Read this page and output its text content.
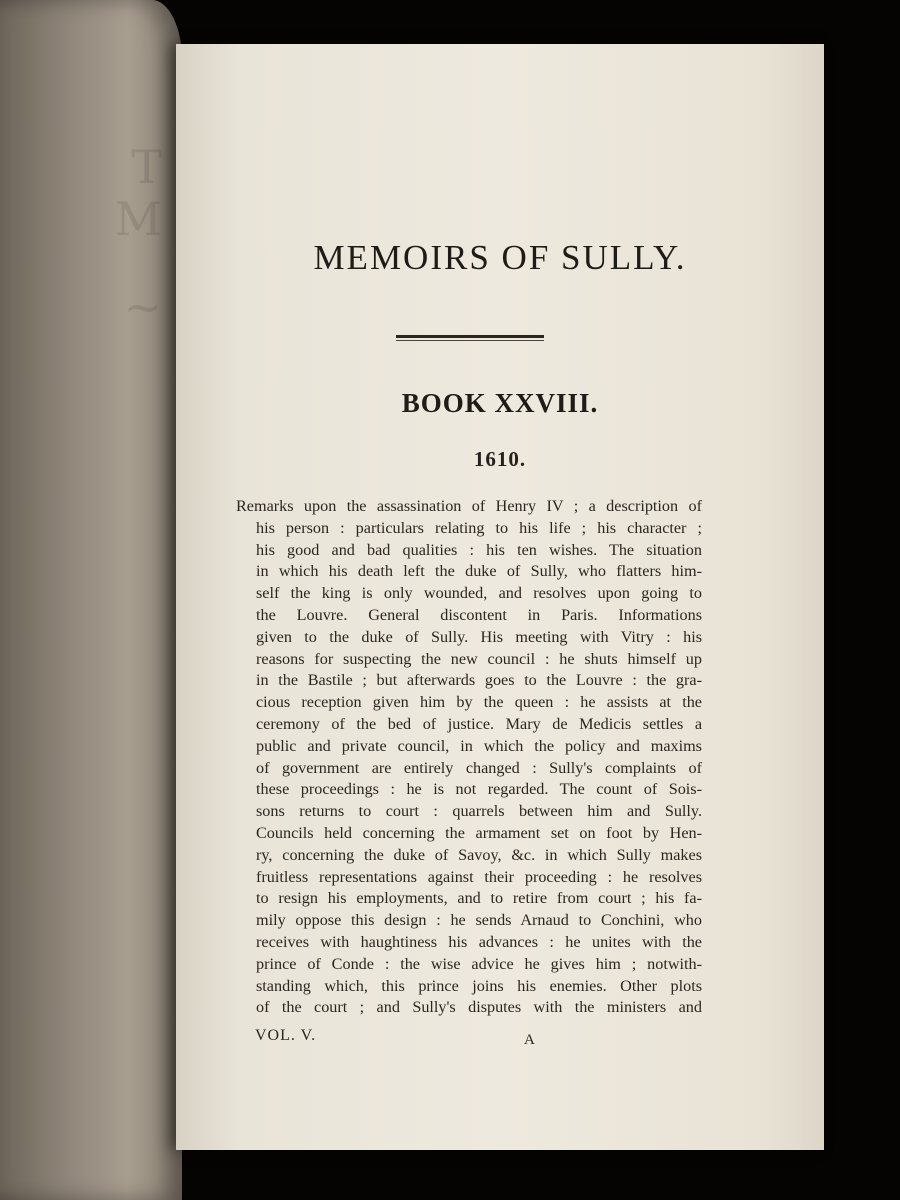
T
M
~
MEMOIRS OF SULLY.
BOOK XXVIII.
1610.
Remarks upon the assassination of Henry IV ; a description of
his person : particulars relating to his life ; his character ;
his good and bad qualities : his ten wishes. The situation
in which his death left the duke of Sully, who flatters him-
self the king is only wounded, and resolves upon going to
the Louvre. General discontent in Paris. Informations
given to the duke of Sully. His meeting with Vitry : his
reasons for suspecting the new council : he shuts himself up
in the Bastile ; but afterwards goes to the Louvre : the gra-
cious reception given him by the queen : he assists at the
ceremony of the bed of justice. Mary de Medicis settles a
public and private council, in which the policy and maxims
of government are entirely changed : Sully's complaints of
these proceedings : he is not regarded. The count of Sois-
sons returns to court : quarrels between him and Sully.
Councils held concerning the armament set on foot by Hen-
ry, concerning the duke of Savoy, &c. in which Sully makes
fruitless representations against their proceeding : he resolves
to resign his employments, and to retire from court ; his fa-
mily oppose this design : he sends Arnaud to Conchini, who
receives with haughtiness his advances : he unites with the
prince of Conde : the wise advice he gives him ; notwith-
standing which, this prince joins his enemies. Other plots
of the court ; and Sully's disputes with the ministers and
VOL. V.	A
